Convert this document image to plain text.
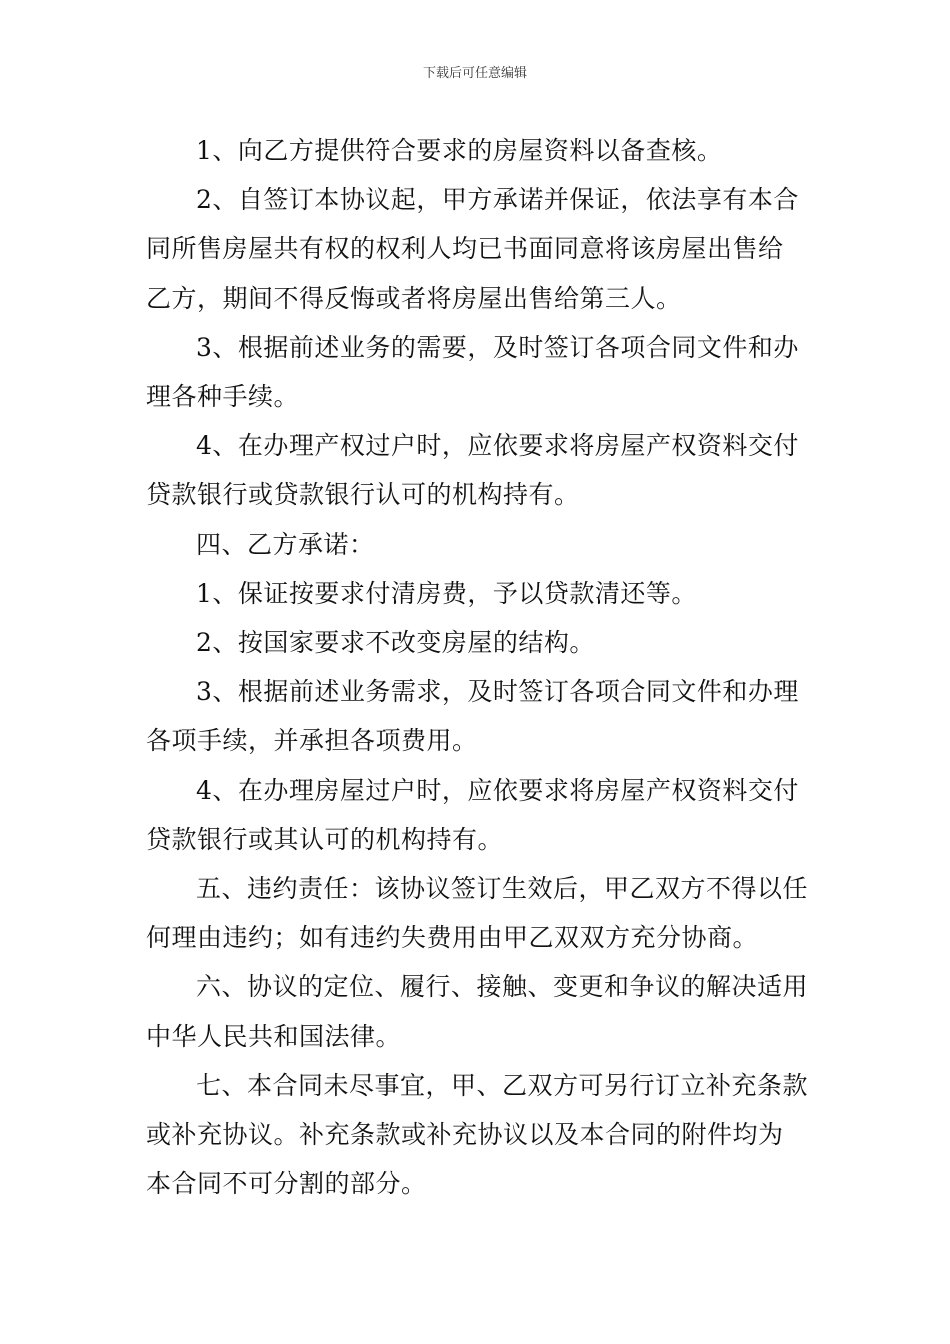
下载后可任意编辑

1、向乙方提供符合要求的房屋资料以备查核。

2、自签订本协议起，甲方承诺并保证，依法享有本合同所售房屋共有权的权利人均已书面同意将该房屋出售给乙方，期间不得反悔或者将房屋出售给第三人。

3、根据前述业务的需要，及时签订各项合同文件和办理各种手续。

4、在办理产权过户时，应依要求将房屋产权资料交付贷款银行或贷款银行认可的机构持有。

四、乙方承诺：

1、保证按要求付清房费，予以贷款清还等。

2、按国家要求不改变房屋的结构。

3、根据前述业务需求，及时签订各项合同文件和办理各项手续，并承担各项费用。

4、在办理房屋过户时，应依要求将房屋产权资料交付贷款银行或其认可的机构持有。

五、违约责任：该协议签订生效后，甲乙双方不得以任何理由违约；如有违约失费用由甲乙双双方充分协商。

六、协议的定位、履行、接触、变更和争议的解决适用中华人民共和国法律。

七、本合同未尽事宜，甲、乙双方可另行订立补充条款或补充协议。补充条款或补充协议以及本合同的附件均为本合同不可分割的部分。
